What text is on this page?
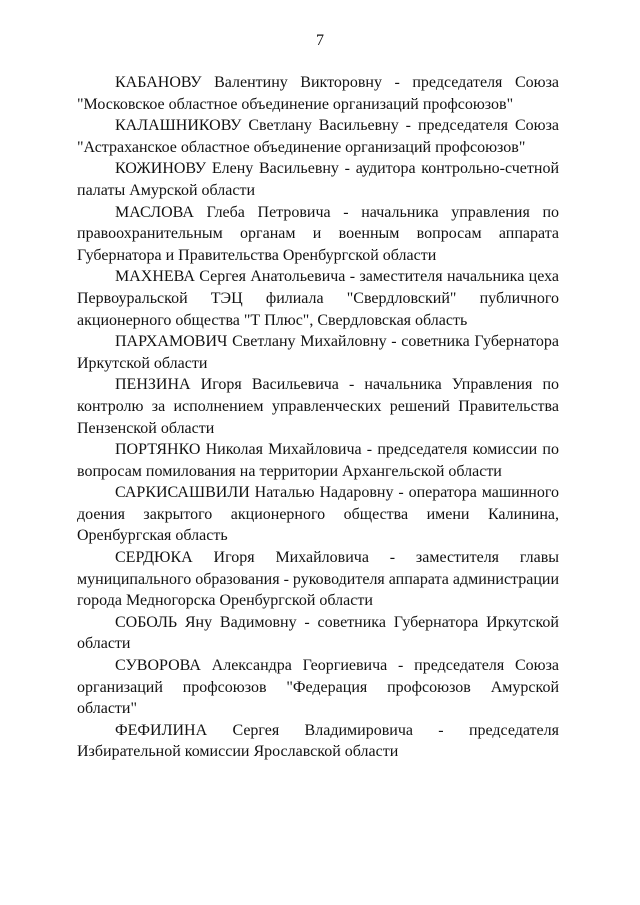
7

КАБАНОВУ Валентину Викторовну - председателя Союза "Московское областное объединение организаций профсоюзов"

КАЛАШНИКОВУ Светлану Васильевну - председателя Союза "Астраханское областное объединение организаций профсоюзов"

КОЖИНОВУ Елену Васильевну - аудитора контрольно-счетной палаты Амурской области

МАСЛОВА Глеба Петровича - начальника управления по правоохранительным органам и военным вопросам аппарата Губернатора и Правительства Оренбургской области

МАХНЕВА Сергея Анатольевича - заместителя начальника цеха Первоуральской ТЭЦ филиала "Свердловский" публичного акционерного общества "Т Плюс", Свердловская область

ПАРХАМОВИЧ Светлану Михайловну - советника Губернатора Иркутской области

ПЕНЗИНА Игоря Васильевича - начальника Управления по контролю за исполнением управленческих решений Правительства Пензенской области

ПОРТЯНКО Николая Михайловича - председателя комиссии по вопросам помилования на территории Архангельской области

САРКИСАШВИЛИ Наталью Надаровну - оператора машинного доения закрытого акционерного общества имени Калинина, Оренбургская область

СЕРДЮКА Игоря Михайловича - заместителя главы муниципального образования - руководителя аппарата администрации города Медногорска Оренбургской области

СОБОЛЬ Яну Вадимовну - советника Губернатора Иркутской области

СУВОРОВА Александра Георгиевича - председателя Союза организаций профсоюзов "Федерация профсоюзов Амурской области"

ФЕФИЛИНА Сергея Владимировича - председателя Избирательной комиссии Ярославской области
